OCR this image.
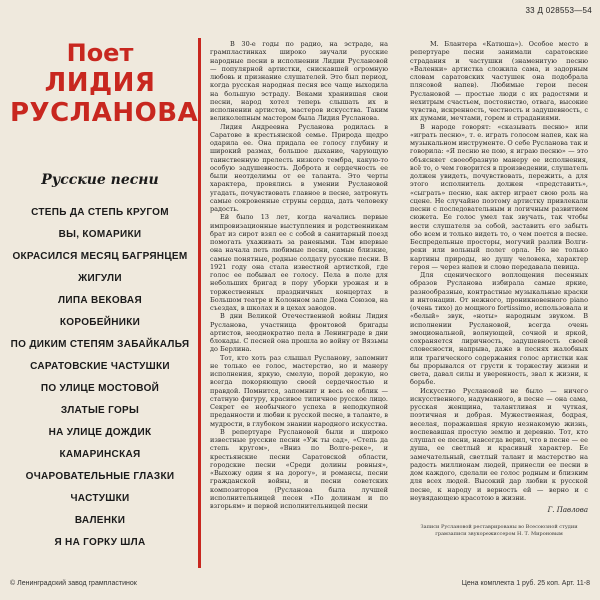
33 Д 028553—54
Поет
ЛИДИЯ
РУСЛАНОВА
Русские песни
СТЕПЬ ДА СТЕПЬ КРУГОМ
ВЫ, КОМАРИКИ
ОКРАСИЛСЯ МЕСЯЦ БАГРЯНЦЕМ
ЖИГУЛИ
ЛИПА ВЕКОВАЯ
КОРОБЕЙНИКИ
ПО ДИКИМ СТЕПЯМ ЗАБАЙКАЛЬЯ
САРАТОВСКИЕ ЧАСТУШКИ
ПО УЛИЦЕ МОСТОВОЙ
ЗЛАТЫЕ ГОРЫ
НА УЛИЦЕ ДОЖДИК
КАМАРИНСКАЯ
ОЧАРОВАТЕЛЬНЫЕ ГЛАЗКИ
ЧАСТУШКИ
ВАЛЕНКИ
Я НА ГОРКУ ШЛА

В 30-е годы по радио, на эстраде, на грампластинках широко звучали русские народные песни в исполнении Лидии Руслановой — популярной артистки, снискавшей огромную любовь и признание слушателей. Это был период, когда русская народная песня все чаще выходила на большую эстраду. Веками хранившая свои песни, народ хотел теперь слышать их в исполнении артистов, мастеров искусства. Таким великолепным мастером была Лидия Русланова.

Лидия Андреевна Русланова родилась в Саратове в крестьянской семье. Природа щедро одарила ее. Она придала ее голосу глубину и широкий размах, большое дыхание, чарующую таинственную прелесть низкого тембра, какую-то особую задушевность. Доброта и сердечность ее были неотделимы от ее таланта. Это черты характера, провялись в умении Руслановой угадать, почувствовать главное в песне, затронуть самые сокровенные струны сердца, дать человеку радость.

Ей было 13 лет, когда начались первые импровизационные выступления и родственникам брат из сирот взял ее с собой в санитарный поезд помогать ухаживать за ранеными. Там впервые она начала петь любимые песни, самые близкие, самые понятные, родные солдату русские песни. В 1921 году она стала известной артисткой, где голос ее побывал ее голосу. Пела в поле для небольших бригад в пору уборки урожая и в торжественных праздничных концертах в Большом театре и Колонном зале Дома Союзов, на съездах, в школах и в цехах заводов.

В дни Великой Отечественной войны Лидия Русланова, участница фронтовой бригады артистов, неоднократно пела в Ленинграде в дни блокады. С песней она прошла во войну от Вязьмы до Берлина.

Тот, кто хоть раз слышал Русланову, запомнит не только ее голос, мастерство, но и манеру исполнения, яркую, смелую, порой дерзкую, но всегда покоряющую своей сердечностью и правдой. Помнится, запомнит и весь ее облик — статную фигуру, красивое типичное русское лицо. Секрет ее необычного успеха в неподкупной преданности и любви к русской песне, в таланте, в мудрости, в глубоком знании народного искусства.

В репертуаре Руслановой были и широко известные русские песни «Уж ты сад», «Степь да степь кругом», «Вниз по Волге-реке», и крестьянские песни Саратовской области, городские песни «Среди долины ровныя», «Выхожу один я на дорогу», и романсы, песни гражданской войны, и песни советских композиторов (Русланова была лучшей исполнительницей песен «По долинам и по взгорьям» и первой исполнительницей песни

М. Блантера «Катюша»). Особое место в репертуаре песни занимали саратовские страдания и частушки (знаменитую песню «Валенки» артистка сложила сама, и задорным словам саратовских частушек она подобрала плясовой напев). Любимые герои песен Руслановой — простые люди с их радостями и нехитрым счастьем, постоянство, отвага, высокие чувства, искренность, честность и задушевность, с их думами, мечтами, горем и страданиями.

В народе говорят: «сказывать песню» или «играть песню», т. е. играть голосом напев, как на музыкальном инструменте. О себе Русланова так и говорила: «Я песню не пою, я играю песню» — это объясняет своеобразную манеру ее исполнения, всё то, о чем говорится в произведении, слушатель должен увидеть, почувствовать, пережить, а для этого исполнитель должен «представить», «сыграть» песню, как актер играет свою роль на сцене. Не случайно поэтому артистку привлекали песни с последовательным и логичным развитием сюжета. Ее голос умел так звучать, так чтобы вести слушателя за собой, заставить его забыть обо всем и только видеть то, о чем поется в песне. Беспредельные просторы, могучий разлив Волги-реки или вольный полет орла. Но не только картины природы, но душу человека, характер героя — через напев и слово передавала певица.

Для сценического воплощения песенных образов Русланова избирала самые яркие, разнообразные, контрастные музыкальные краски и интонации. От нежного, проникновенного piano (очень тихо) до мощного fortissimo, использовала и «белый» звук, «ноты» народным звуком. В исполнении Руслановой, всегда очень эмоциональной, волнующей, сочной и яркой, сохраняется лиричность, задушевность своей словесности, напрыва, даже в песнях жалобных или трагического содержания голос артистки как бы прорывался от грусти к торжеству жизни и света, давал силы и уверенность, звал к жизни, к борьбе.

Искусство Руслановой не было — ничего искусственного, надуманного, в песне — она сама, русская женщина, талантливая и чуткая, поэтичная и добрая. Мужественная, бодрая, веселая, поражавшая яркую незнакомую жизнь, воспевавшая простую землю и деревню. Тот, кто слушал ее песни, навсегда верил, что в песне — ее душа, ее светлый и красивый характер. Ее замечательный, светлый талант и мастерство на радость миллионам людей, принесли ее песни в дом каждого, сделали ее голос родным и близким для всех людей. Высокий дар любви к русской песне, к народу и верность ей — верно и с неувядающею красотою в жизни.

Г. Павлова
Записи Руслановой реставрированы во Всесоюзной студии грамзаписи звукорежиссером Н. Т. Мироновым
© Ленинградский завод грампластинок	Цена комплекта 1 руб. 25 коп. Арт. 11-8
